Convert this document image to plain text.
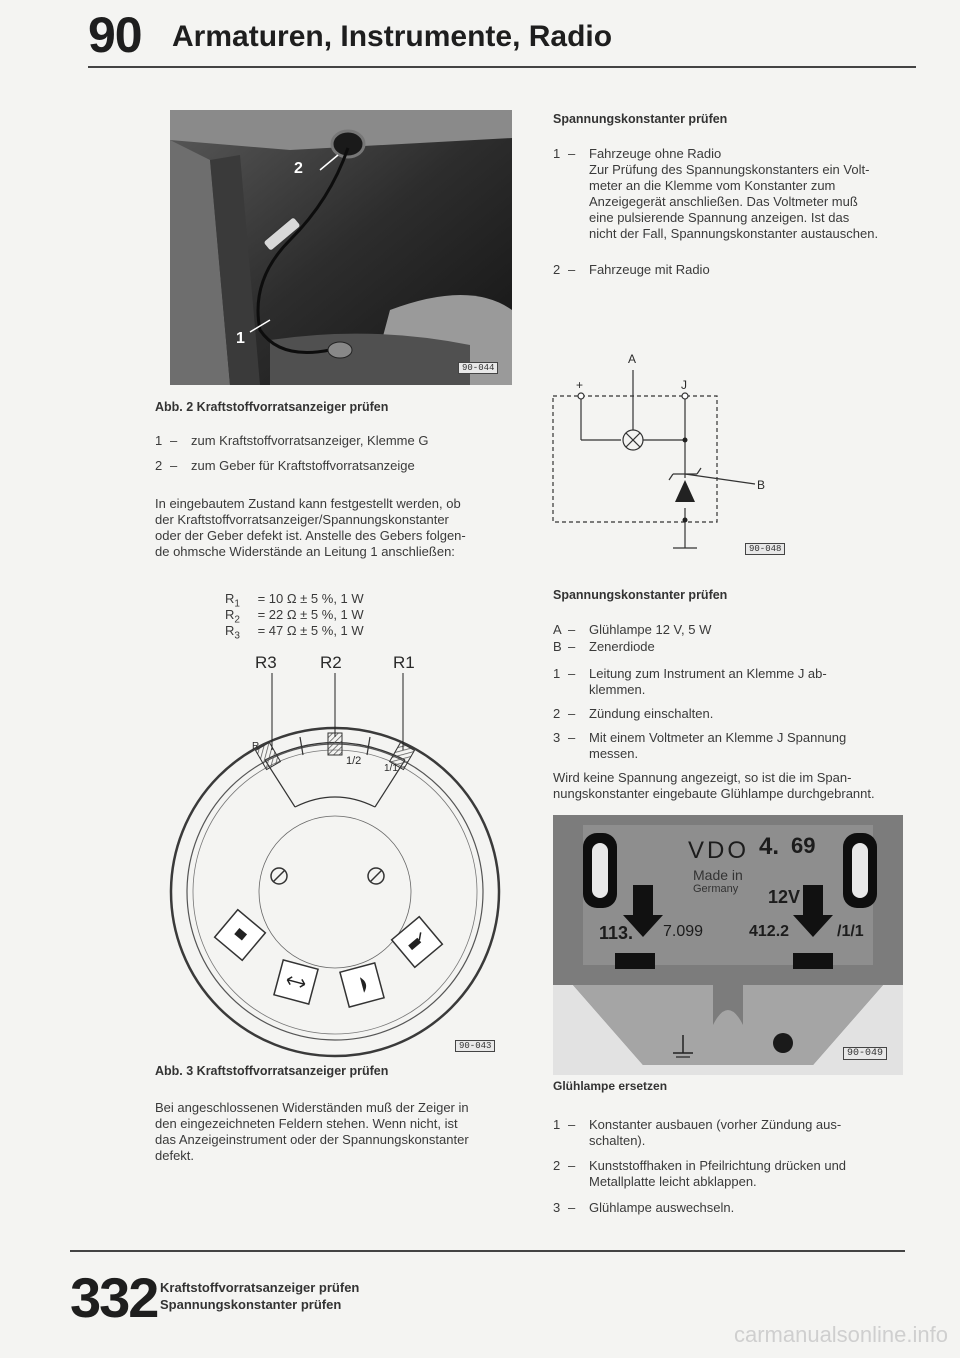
90 Armaturen, Instrumente, Radio
2
1
90-044
Abb. 2 Kraftstoffvorratsanzeiger prüfen
1 –	zum Kraftstoffvorratsanzeiger, Klemme G
2 –	zum Geber für Kraftstoffvorratsanzeige
In eingebautem Zustand kann festgestellt werden, ob
der Kraftstoffvorratsanzeiger/Spannungskonstanter
oder der Geber defekt ist. Anstelle des Gebers folgen-
de ohmsche Widerstände an Leitung 1 anschließen:
$R_1 = 10$ Ω ± 5 %, 1 W
$R_2 = 22$ Ω ± 5 %, 1 W
$R_3 = 47$ Ω ± 5 %, 1 W
R3	R2	R1
R
1/2
1/1
90-043
Abb. 3 Kraftstoffvorratsanzeiger prüfen
Bei angeschlossenen Widerständen muß der Zeiger in
den eingezeichneten Feldern stehen. Wenn nicht, ist
das Anzeigeinstrument oder der Spannungskonstanter
defekt.
Spannungskonstanter prüfen
1 –	Fahrzeuge ohne Radio
Zur Prüfung des Spannungskonstanters ein Volt-
meter an die Klemme vom Konstanter zum
Anzeigegerät anschließen. Das Voltmeter muß
eine pulsierende Spannung anzeigen. Ist das
nicht der Fall, Spannungskonstanter austauschen.
2 –	Fahrzeuge mit Radio
A
+	J
B
90-048
Spannungskonstanter prüfen
A –	Glühlampe 12 V, 5 W
B –	Zenerdiode
1 –	Leitung zum Instrument an Klemme J ab-
klemmen.
2 –	Zündung einschalten.
3 –	Mit einem Voltmeter an Klemme J Spannung
messen.
Wird keine Spannung angezeigt, so ist die im Span-
nungskonstanter eingebaute Glühlampe durchgebrannt.
VDO 4. 69
Made in
Germany 12V
113. 7.099	412.2	/1/1
90-049
Glühlampe ersetzen
1 –	Konstanter ausbauen (vorher Zündung aus-
schalten).
2 –	Kunststoffhaken in Pfeilrichtung drücken und
Metallplatte leicht abklappen.
3 –	Glühlampe auswechseln.
332 Kraftstoffvorratsanzeiger prüfen
Spannungskonstanter prüfen
carmanualsonline.info
